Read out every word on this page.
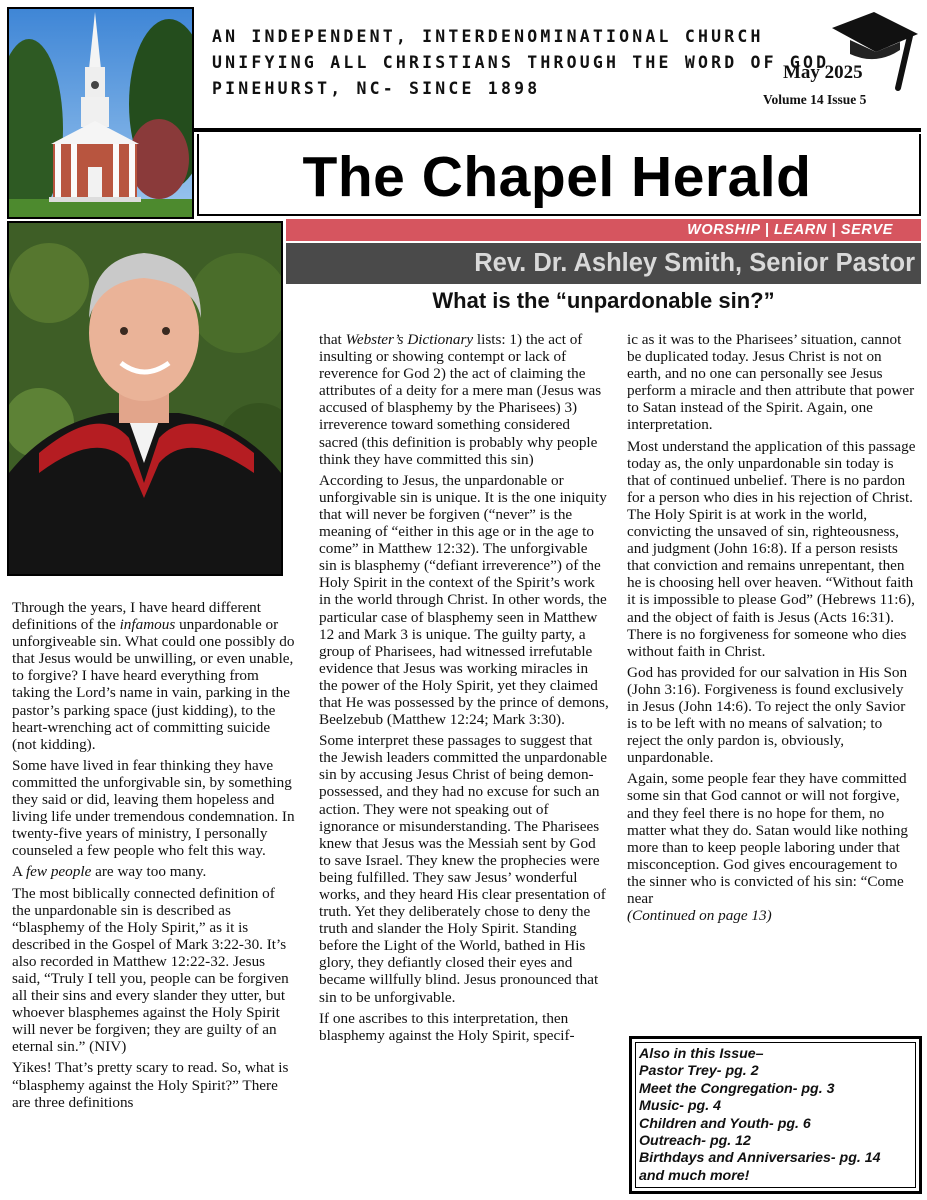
AN INDEPENDENT, INTERDENOMINATIONAL CHURCH
UNIFYING ALL CHRISTIANS THROUGH THE WORD OF GOD
PINEHURST, NC- SINCE 1898
May 2025
Volume 14 Issue 5
The Chapel Herald
WORSHIP | LEARN | SERVE
Rev. Dr. Ashley Smith, Senior Pastor
What is the “unpardonable sin?”

Through the years, I have heard different definitions of the infamous unpardonable or unforgiveable sin. What could one possibly do that Jesus would be unwilling, or even unable, to forgive? I have heard everything from taking the Lord’s name in vain, parking in the pastor’s parking space (just kidding), to the heart-wrenching act of committing suicide (not kidding).

Some have lived in fear thinking they have committed the unforgivable sin, by something they said or did, leaving them hopeless and living life under tremendous condemnation. In twenty-five years of ministry, I personally counseled a few people who felt this way.

A few people are way too many.

The most biblically connected definition of the unpardonable sin is described as “blasphemy of the Holy Spirit,” as it is described in the Gospel of Mark 3:22-30. It’s also recorded in Matthew 12:22-32. Jesus said, “Truly I tell you, people can be forgiven all their sins and every slander they utter, but whoever blasphemes against the Holy Spirit will never be forgiven; they are guilty of an eternal sin.” (NIV)

Yikes! That’s pretty scary to read. So, what is “blasphemy against the Holy Spirit?” There are three definitions

that Webster’s Dictionary lists: 1) the act of insulting or showing contempt or lack of reverence for God 2) the act of claiming the attributes of a deity for a mere man (Jesus was accused of blasphemy by the Pharisees) 3) irreverence toward something considered sacred (this definition is probably why people think they have committed this sin)

According to Jesus, the unpardonable or unforgivable sin is unique. It is the one iniquity that will never be forgiven (“never” is the meaning of “either in this age or in the age to come” in Matthew 12:32). The unforgivable sin is blasphemy (“defiant irreverence”) of the Holy Spirit in the context of the Spirit’s work in the world through Christ. In other words, the particular case of blasphemy seen in Matthew 12 and Mark 3 is unique. The guilty party, a group of Pharisees, had witnessed irrefutable evidence that Jesus was working miracles in the power of the Holy Spirit, yet they claimed that He was possessed by the prince of demons, Beelzebub (Matthew 12:24; Mark 3:30).

Some interpret these passages to suggest that the Jewish leaders committed the unpardonable sin by accusing Jesus Christ of being demon-possessed, and they had no excuse for such an action. They were not speaking out of ignorance or misunderstanding. The Pharisees knew that Jesus was the Messiah sent by God to save Israel. They knew the prophecies were being fulfilled. They saw Jesus’ wonderful works, and they heard His clear presentation of truth. Yet they deliberately chose to deny the truth and slander the Holy Spirit. Standing before the Light of the World, bathed in His glory, they defiantly closed their eyes and became willfully blind. Jesus pronounced that sin to be unforgivable.

If one ascribes to this interpretation, then blasphemy against the Holy Spirit, specif-

ic as it was to the Pharisees’ situation, cannot be duplicated today. Jesus Christ is not on earth, and no one can personally see Jesus perform a miracle and then attribute that power to Satan instead of the Spirit. Again, one interpretation.

Most understand the application of this passage today as, the only unpardonable sin today is that of continued unbelief. There is no pardon for a person who dies in his rejection of Christ. The Holy Spirit is at work in the world, convicting the unsaved of sin, righteousness, and judgment (John 16:8). If a person resists that conviction and remains unrepentant, then he is choosing hell over heaven. “Without faith it is impossible to please God” (Hebrews 11:6), and the object of faith is Jesus (Acts 16:31). There is no forgiveness for someone who dies without faith in Christ.

God has provided for our salvation in His Son (John 3:16). Forgiveness is found exclusively in Jesus (John 14:6). To reject the only Savior is to be left with no means of salvation; to reject the only pardon is, obviously, unpardonable.

Again, some people fear they have committed some sin that God cannot or will not forgive, and they feel there is no hope for them, no matter what they do. Satan would like nothing more than to keep people laboring under that misconception. God gives encouragement to the sinner who is convicted of his sin: “Come near

(Continued on page 13)

Also in this Issue–
Pastor Trey- pg. 2
Meet the Congregation- pg. 3
Music- pg. 4
Children and Youth- pg. 6
Outreach- pg. 12
Birthdays and Anniversaries- pg. 14
and much more!
